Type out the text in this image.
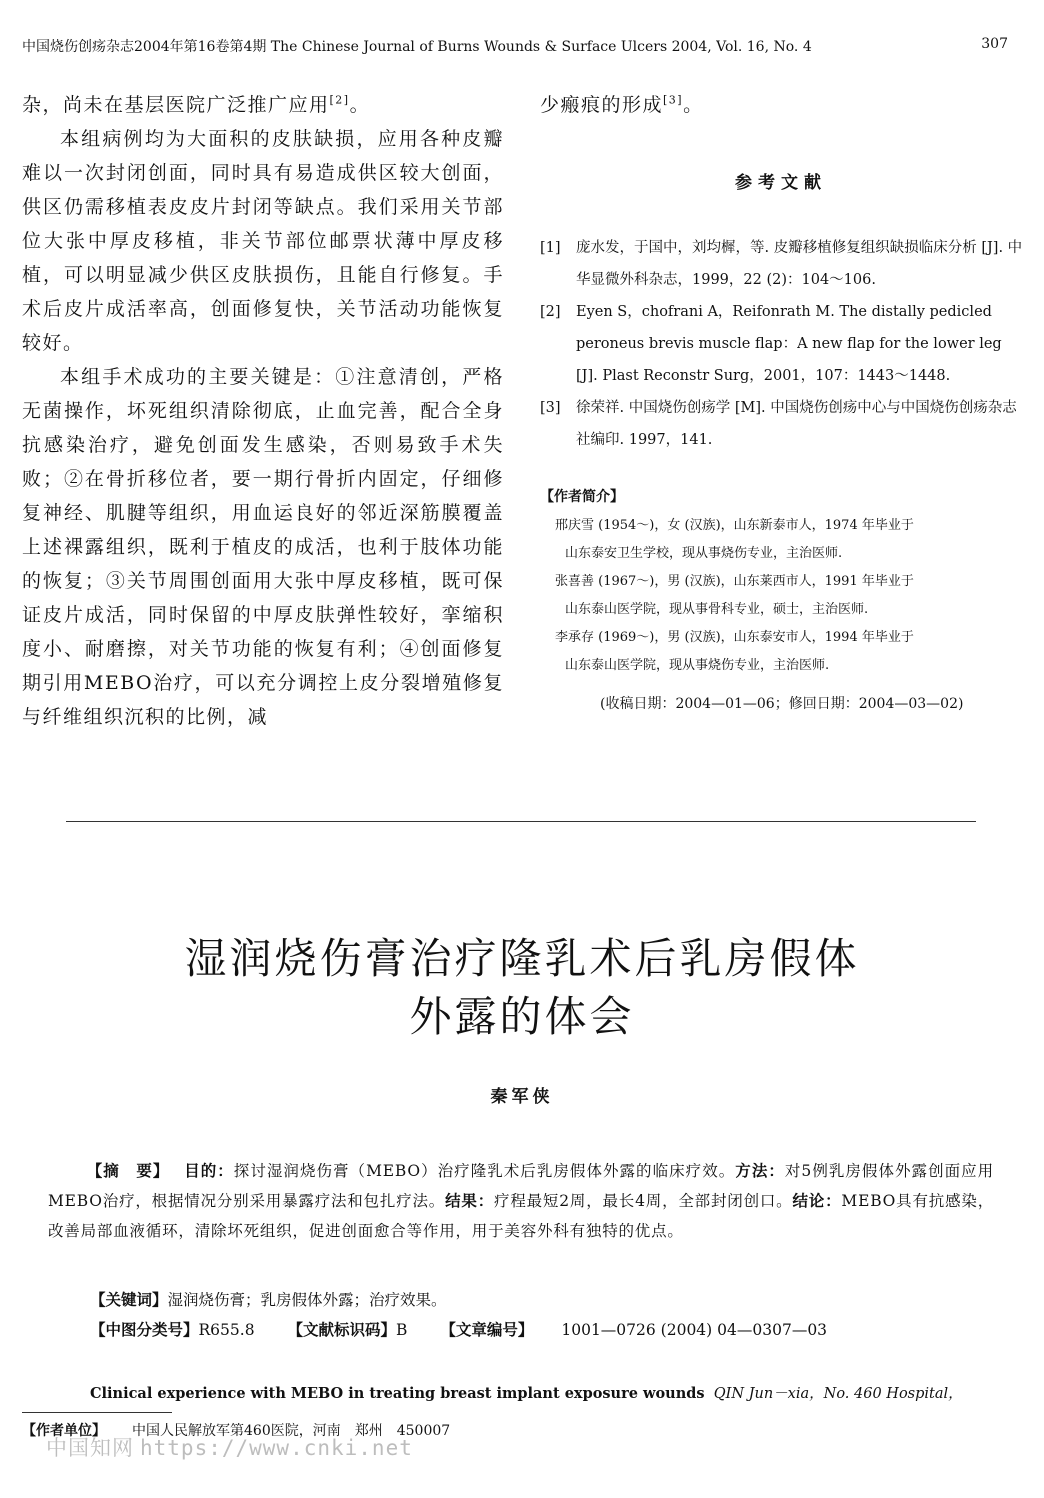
中国烧伤创疡杂志2004年第16卷第4期 The Chinese Journal of Burns Wounds & Surface Ulcers 2004, Vol. 16, No. 4	307

杂，尚未在基层医院广泛推广应用[2]。

本组病例均为大面积的皮肤缺损，应用各种皮瓣难以一次封闭创面，同时具有易造成供区较大创面，供区仍需移植表皮皮片封闭等缺点。我们采用关节部位大张中厚皮移植，非关节部位邮票状薄中厚皮移植，可以明显减少供区皮肤损伤，且能自行修复。手术后皮片成活率高，创面修复快，关节活动功能恢复较好。

本组手术成功的主要关键是：①注意清创，严格无菌操作，坏死组织清除彻底，止血完善，配合全身抗感染治疗，避免创面发生感染，否则易致手术失败；②在骨折移位者，要一期行骨折内固定，仔细修复神经、肌腱等组织，用血运良好的邻近深筋膜覆盖上述裸露组织，既利于植皮的成活，也利于肢体功能的恢复；③关节周围创面用大张中厚皮移植，既可保证皮片成活，同时保留的中厚皮肤弹性较好，挛缩积度小、耐磨擦，对关节功能的恢复有利；④创面修复期引用MEBO治疗，可以充分调控上皮分裂增殖修复与纤维组织沉积的比例，减

少瘢痕的形成[3]。

参考文献
[1]	庞水发，于国中，刘均樨，等. 皮瓣移植修复组织缺损临床分析 [J]. 中华显微外科杂志，1999，22 (2)：104～106.
[2]	Eyen S，chofrani A，Reifonrath M. The distally pedicled peroneus brevis muscle flap：A new flap for the lower leg [J]. Plast Reconstr Surg，2001，107：1443～1448.
[3]	徐荣祥. 中国烧伤创疡学 [M]. 中国烧伤创疡中心与中国烧伤创疡杂志社编印. 1997，141.
【作者简介】
邢庆雪 (1954～)，女 (汉族)，山东新泰市人，1974 年毕业于
山东泰安卫生学校，现从事烧伤专业，主治医师.
张喜善 (1967～)，男 (汉族)，山东莱西市人，1991 年毕业于
山东泰山医学院，现从事骨科专业，硕士，主治医师.
李承存 (1969～)，男 (汉族)，山东泰安市人，1994 年毕业于
山东泰山医学院，现从事烧伤专业，主治医师.
(收稿日期：2004—01—06；修回日期：2004—03—02)
湿润烧伤膏治疗隆乳术后乳房假体
外露的体会
秦军侠

【摘　要】　 目的：探讨湿润烧伤膏（MEBO）治疗隆乳术后乳房假体外露的临床疗效。方法：对5例乳房假体外露创面应用MEBO治疗，根据情况分别采用暴露疗法和包扎疗法。结果：疗程最短2周，最长4周，全部封闭创口。结论：MEBO具有抗感染，改善局部血液循环，清除坏死组织，促进创面愈合等作用，用于美容外科有独特的优点。

【关键词】湿润烧伤膏；乳房假体外露；治疗效果。
【中图分类号】R655.8 【文献标识码】B 【文章编号】 1001—0726 (2004) 04—0307—03
Clinical experience with MEBO in treating breast implant exposure wounds QIN Jun－xia，No. 460 Hospital，
【作者单位】 中国人民解放军第460医院，河南　郑州　450007
中国知网 https://www.cnki.net
